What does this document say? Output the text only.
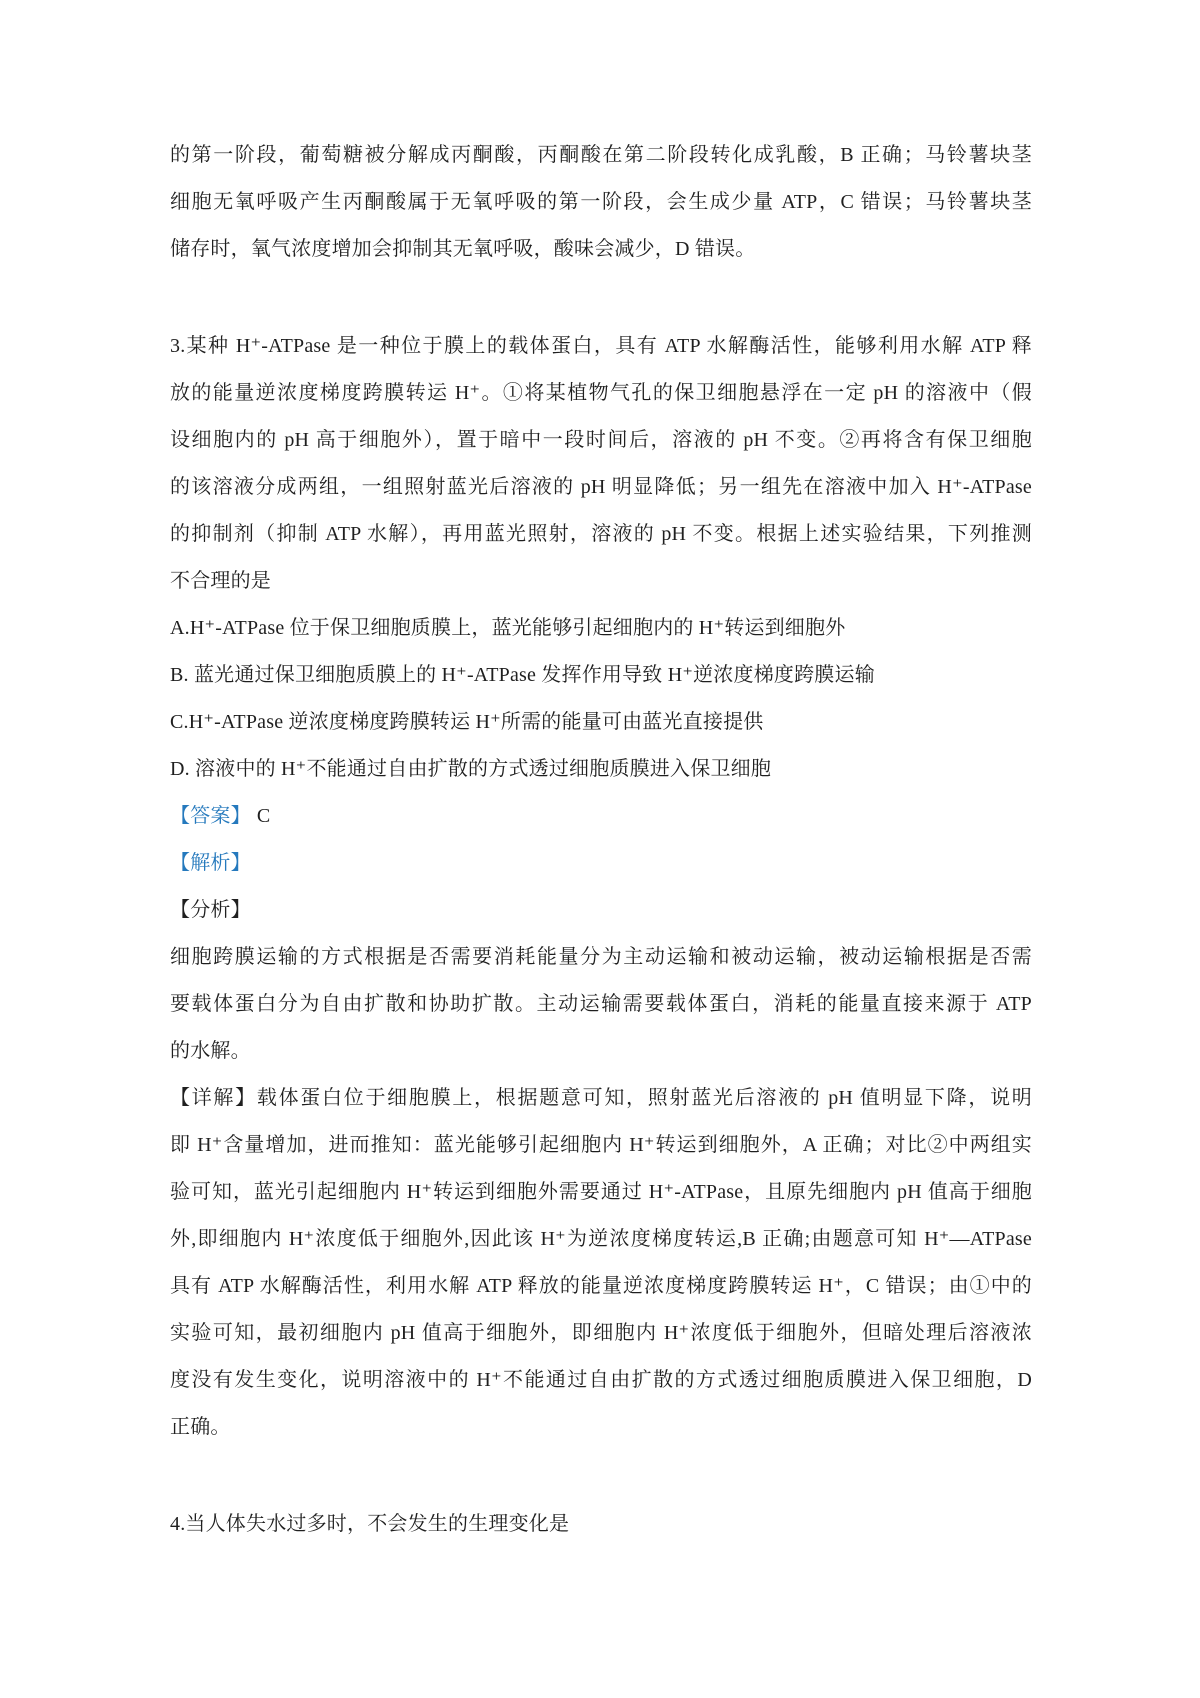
的第一阶段，葡萄糖被分解成丙酮酸，丙酮酸在第二阶段转化成乳酸，B 正确；马铃薯块茎
细胞无氧呼吸产生丙酮酸属于无氧呼吸的第一阶段，会生成少量 ATP，C 错误；马铃薯块茎
储存时，氧气浓度增加会抑制其无氧呼吸，酸味会减少，D 错误。
3.某种 H⁺-ATPase 是一种位于膜上的载体蛋白，具有 ATP 水解酶活性，能够利用水解 ATP 释
放的能量逆浓度梯度跨膜转运 H⁺。①将某植物气孔的保卫细胞悬浮在一定 pH 的溶液中（假
设细胞内的 pH 高于细胞外），置于暗中一段时间后，溶液的 pH 不变。②再将含有保卫细胞
的该溶液分成两组，一组照射蓝光后溶液的 pH 明显降低；另一组先在溶液中加入 H⁺-ATPase
的抑制剂（抑制 ATP 水解），再用蓝光照射，溶液的 pH 不变。根据上述实验结果，下列推测
不合理的是
A.H⁺-ATPase 位于保卫细胞质膜上，蓝光能够引起细胞内的 H⁺转运到细胞外
B. 蓝光通过保卫细胞质膜上的 H⁺-ATPase 发挥作用导致 H⁺逆浓度梯度跨膜运输
C.H⁺-ATPase 逆浓度梯度跨膜转运 H⁺所需的能量可由蓝光直接提供
D. 溶液中的 H⁺不能通过自由扩散的方式透过细胞质膜进入保卫细胞
【答案】 C
【解析】
【分析】
细胞跨膜运输的方式根据是否需要消耗能量分为主动运输和被动运输，被动运输根据是否需
要载体蛋白分为自由扩散和协助扩散。主动运输需要载体蛋白，消耗的能量直接来源于 ATP
的水解。
【详解】载体蛋白位于细胞膜上，根据题意可知，照射蓝光后溶液的 pH 值明显下降，说明
即 H⁺含量增加，进而推知：蓝光能够引起细胞内 H⁺转运到细胞外，A 正确；对比②中两组实
验可知，蓝光引起细胞内 H⁺转运到细胞外需要通过 H⁺-ATPase，且原先细胞内 pH 值高于细胞
外,即细胞内 H⁺浓度低于细胞外,因此该 H⁺为逆浓度梯度转运,B 正确;由题意可知 H⁺—ATPase
具有 ATP 水解酶活性，利用水解 ATP 释放的能量逆浓度梯度跨膜转运 H⁺，C 错误；由①中的
实验可知，最初细胞内 pH 值高于细胞外，即细胞内 H⁺浓度低于细胞外，但暗处理后溶液浓
度没有发生变化，说明溶液中的 H⁺不能通过自由扩散的方式透过细胞质膜进入保卫细胞，D
正确。
4.当人体失水过多时，不会发生的生理变化是
